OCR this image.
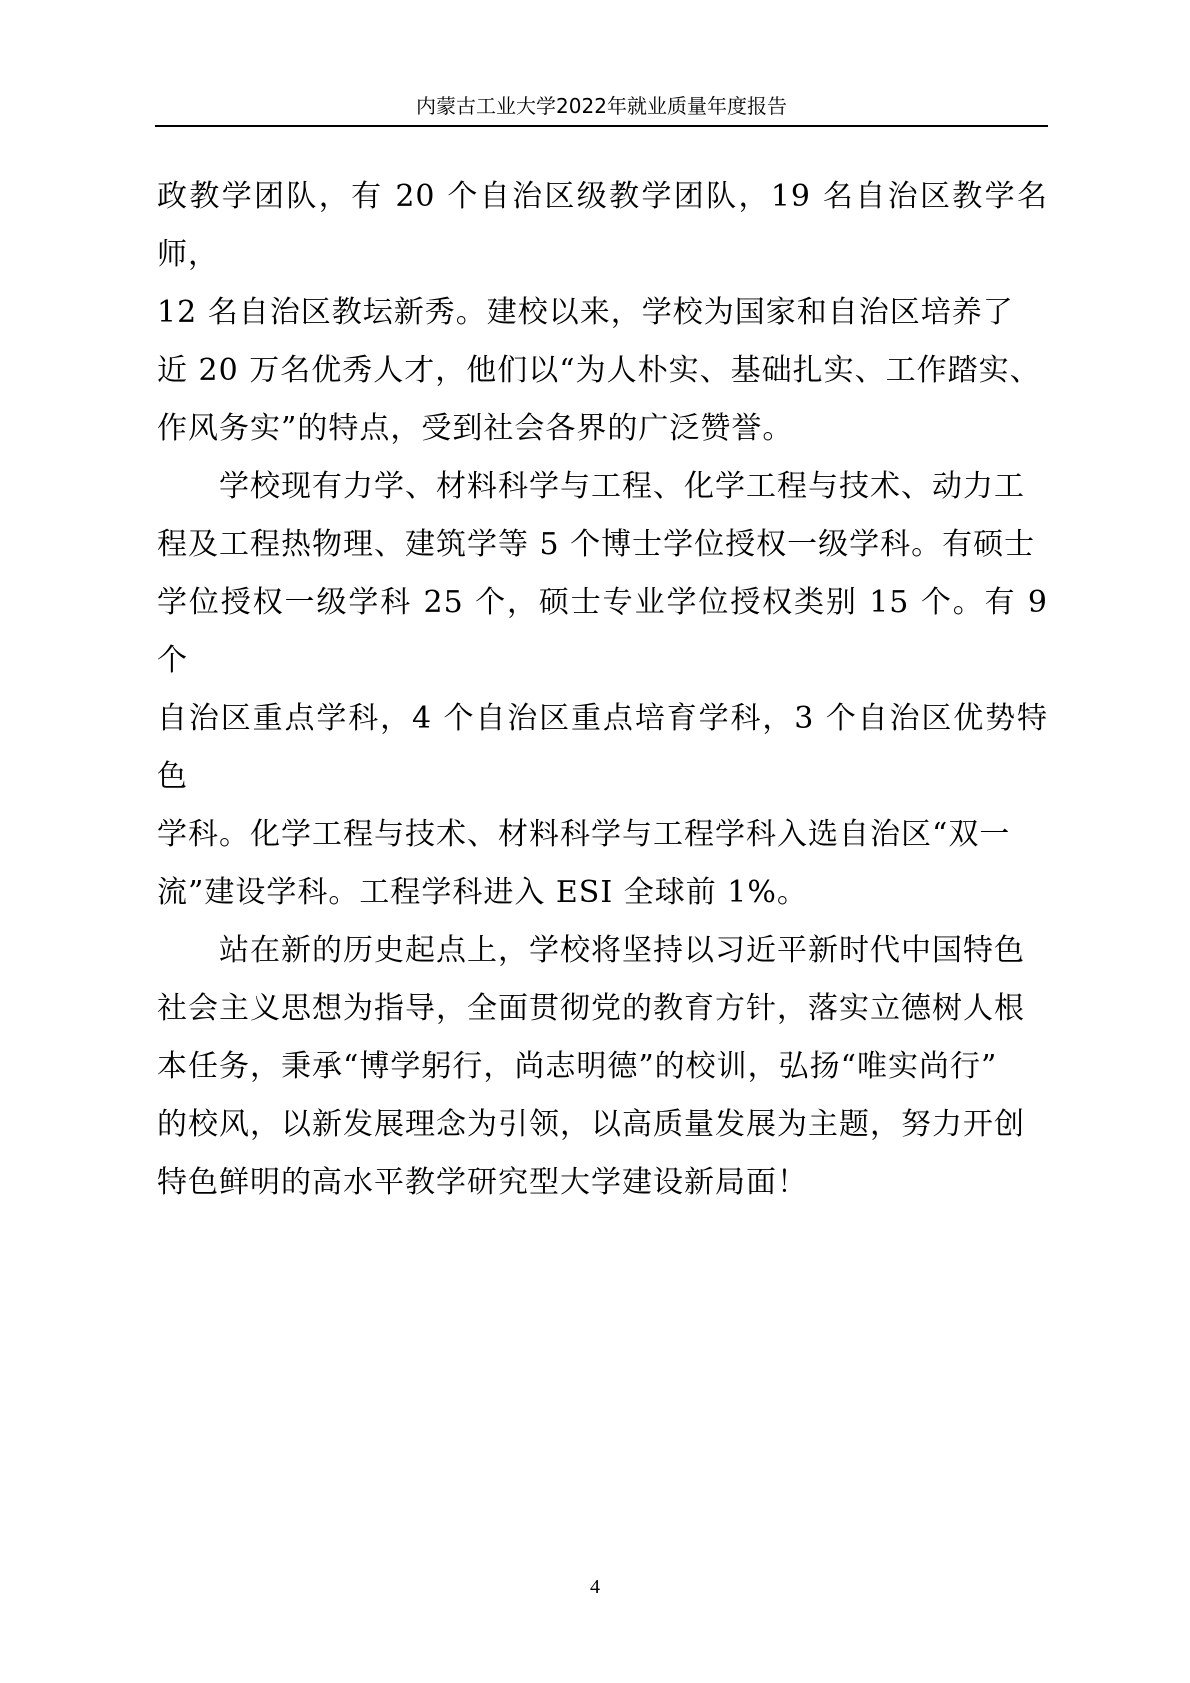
内蒙古工业大学2022年就业质量年度报告

政教学团队，有 20 个自治区级教学团队，19 名自治区教学名师，

12 名自治区教坛新秀。建校以来，学校为国家和自治区培养了

近 20 万名优秀人才，他们以“为人朴实、基础扎实、工作踏实、

作风务实”的特点，受到社会各界的广泛赞誉。

　　学校现有力学、材料科学与工程、化学工程与技术、动力工

程及工程热物理、建筑学等 5 个博士学位授权一级学科。有硕士

学位授权一级学科 25 个，硕士专业学位授权类别 15 个。有 9 个

自治区重点学科，4 个自治区重点培育学科，3 个自治区优势特色

学科。化学工程与技术、材料科学与工程学科入选自治区“双一

流”建设学科。工程学科进入 ESI 全球前 1%。

　　站在新的历史起点上，学校将坚持以习近平新时代中国特色

社会主义思想为指导，全面贯彻党的教育方针，落实立德树人根

本任务，秉承“博学躬行，尚志明德”的校训，弘扬“唯实尚行”

的校风，以新发展理念为引领，以高质量发展为主题，努力开创

特色鲜明的高水平教学研究型大学建设新局面！

4
